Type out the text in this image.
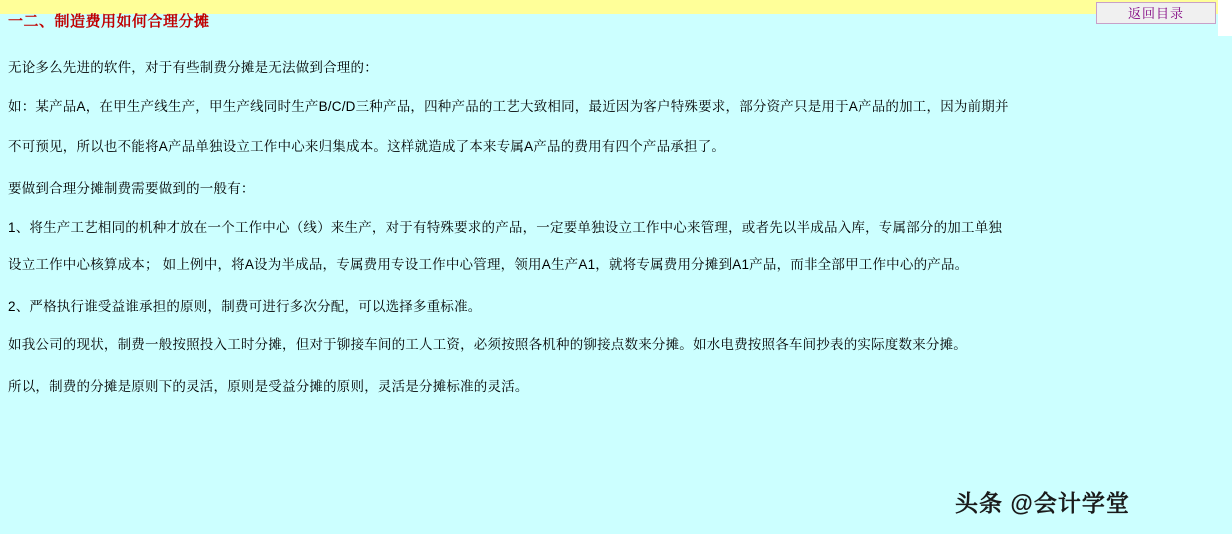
返回目录
一二、制造费用如何合理分摊
无论多么先进的软件，对于有些制费分摊是无法做到合理的：
如：某产品A，在甲生产线生产，甲生产线同时生产B/C/D三种产品，四种产品的工艺大致相同，最近因为客户特殊要求，部分资产只是用于A产品的加工，因为前期并
不可预见，所以也不能将A产品单独设立工作中心来归集成本。这样就造成了本来专属A产品的费用有四个产品承担了。
要做到合理分摊制费需要做到的一般有：
1、将生产工艺相同的机种才放在一个工作中心（线）来生产，对于有特殊要求的产品，一定要单独设立工作中心来管理，或者先以半成品入库，专属部分的加工单独
设立工作中心核算成本； 如上例中，将A设为半成品，专属费用专设工作中心管理，领用A生产A1，就将专属费用分摊到A1产品，而非全部甲工作中心的产品。
2、严格执行谁受益谁承担的原则，制费可进行多次分配，可以选择多重标准。
如我公司的现状，制费一般按照投入工时分摊，但对于铆接车间的工人工资，必须按照各机种的铆接点数来分摊。如水电费按照各车间抄表的实际度数来分摊。
所以，制费的分摊是原则下的灵活，原则是受益分摊的原则，灵活是分摊标准的灵活。
头条 @会计学堂
